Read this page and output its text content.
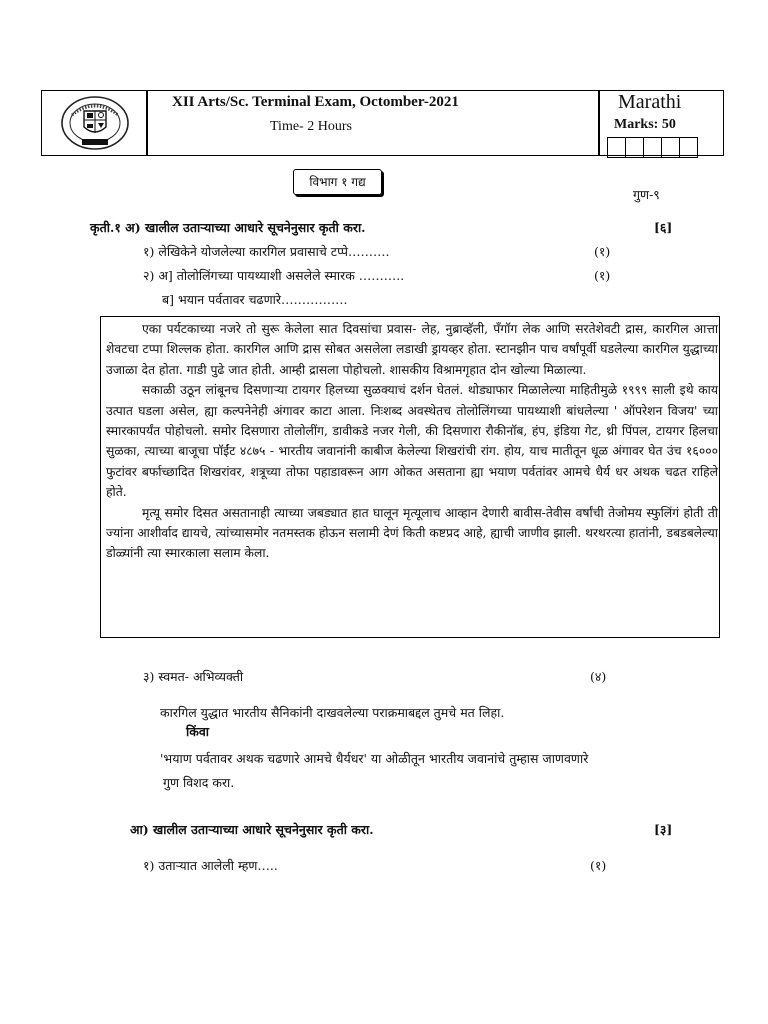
XII Arts/Sc. Terminal Exam, Octomber-2021
Time- 2 Hours
Marathi
Marks: 50
विभाग १ गद्य
गुण-९
कृती.१ अ) खालील उताऱ्याच्या आधारे सूचनेनुसार कृती करा.	[६]
१) लेखिकेने योजलेल्या कारगिल प्रवासाचे टप्पे……….	(१)
२) अ] तोलोलिंगच्या पायथ्याशी असलेले स्मारक ………..	(१)
ब] भयान पर्वतावर चढणारे…………….

एका पर्यटकाच्या नजरे तो सुरू केलेला सात दिवसांचा प्रवास- लेह, नुब्राव्हॅली, पँगॉग लेक आणि सरतेशेवटी द्रास, कारगिल आत्ता शेवटचा टप्पा शिल्लक होता. कारगिल आणि द्रास सोबत असलेला लडाखी ड्रायव्हर होता. स्टानझीन पाच वर्षांपूर्वी घडलेल्या कारगिल युद्धाच्या उजाळा देत होता. गाडी पुढे जात होती. आम्ही द्रासला पोहोचलो. शासकीय विश्रामगृहात दोन खोल्या मिळाल्या.

सकाळी उठून लांबूनच दिसणाऱ्या टायगर हिलच्या सुळक्याचं दर्शन घेतलं. थोड्याफार मिळालेल्या माहितीमुळे १९९९ साली इथे काय उत्पात घडला असेल, ह्या कल्पनेनेही अंगावर काटा आला. निःशब्द अवस्थेतच तोलोलिंगच्या पायथ्याशी बांधलेल्या ' ऑपरेशन विजय' च्या स्मारकापर्यंत पोहोचलो. समोर दिसणारा तोलोलींग, डावीकडे नजर गेली, की दिसणारा रौकीनॉब, हंप, इंडिया गेट, थ्री पिंपल, टायगर हिलचा सुळका, त्याच्या बाजूचा पॉईंट ४८७५ - भारतीय जवानांनी काबीज केलेल्या शिखरांची रांग. होय, याच मातीतून धूळ अंगावर घेत उंच १६००० फुटांवर बर्फाच्छादित शिखरांवर, शत्रूच्या तोफा पहाडावरून आग ओकत असताना ह्या भयाण पर्वतांवर आमचे धैर्य धर अथक चढत राहिले होते.

मृत्यू समोर दिसत असतानाही त्याच्या जबड्यात हात घालून मृत्यूलाच आव्हान देणारी बावीस-तेवीस वर्षांची तेजोमय स्फुलिंगं होती ती ज्यांना आशीर्वाद द्यायचे, त्यांच्यासमोर नतमस्तक होऊन सलामी देणं किती कष्टप्रद आहे, ह्याची जाणीव झाली. थरथरत्या हातांनी, डबडबलेल्या डोळ्यांनी त्या स्मारकाला सलाम केला.

३) स्वमत- अभिव्यक्ती	(४)
कारगिल युद्धात भारतीय सैनिकांनी दाखवलेल्या पराक्रमाबद्दल तुमचे मत लिहा.
किंवा
'भयाण पर्वतावर अथक चढणारे आमचे धैर्यधर' या ओळीतून भारतीय जवानांचे तुम्हास जाणवणारे
गुण विशद करा.
आ) खालील उताऱ्याच्या आधारे सूचनेनुसार कृती करा.	[३]
१) उताऱ्यात आलेली म्हण…..	(१)
